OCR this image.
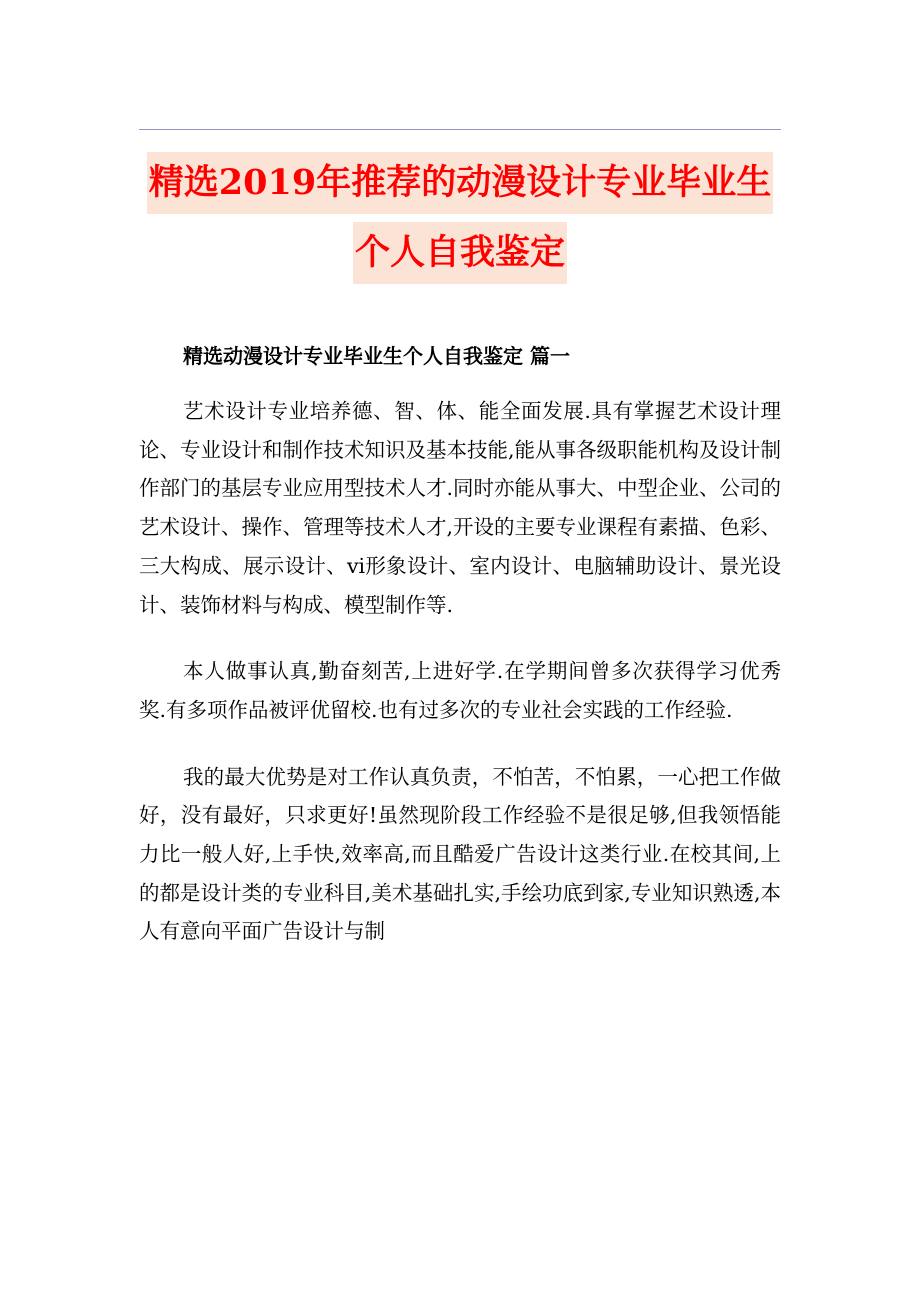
精选2019年推荐的动漫设计专业毕业生
个人自我鉴定
精选动漫设计专业毕业生个人自我鉴定 篇一

艺术设计专业培养德、智、体、能全面发展.具有掌握艺术设计理论、专业设计和制作技术知识及基本技能,能从事各级职能机构及设计制作部门的基层专业应用型技术人才.同时亦能从事大、中型企业、公司的艺术设计、操作、管理等技术人才,开设的主要专业课程有素描、色彩、三大构成、展示设计、vi形象设计、室内设计、电脑辅助设计、景光设计、装饰材料与构成、模型制作等.

本人做事认真,勤奋刻苦,上进好学.在学期间曾多次获得学习优秀奖.有多项作品被评优留校.也有过多次的专业社会实践的工作经验.

我的最大优势是对工作认真负责，不怕苦，不怕累，一心把工作做好，没有最好，只求更好!虽然现阶段工作经验不是很足够,但我领悟能力比一般人好,上手快,效率高,而且酷爱广告设计这类行业.在校其间,上的都是设计类的专业科目,美术基础扎实,手绘功底到家,专业知识熟透,本人有意向平面广告设计与制
